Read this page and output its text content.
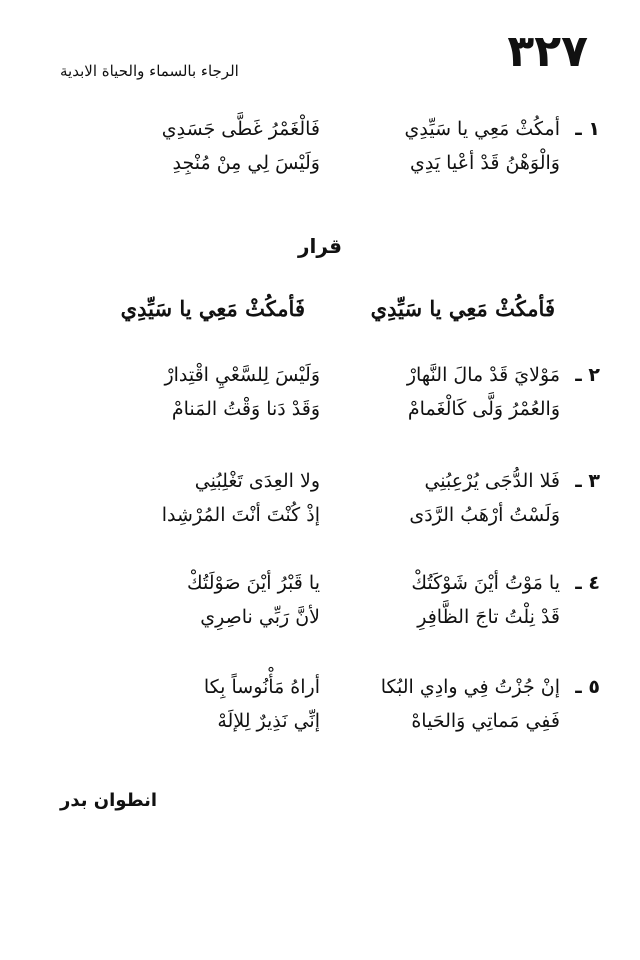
٣٢٧
الرجاء بالسماء والحياة الابدية
١ ـ
أمكُثْ مَعِي يا سَيِّدِي
فَالْغَمْرُ غَطَّى جَسَدِي
وَالْوَهْنُ قَدْ أعْيا يَدِي
وَلَيْسَ لِي مِنْ مُنْجِدِ
قرار
فَأمكُثْ مَعِي يا سَيِّدِي
فَأمكُثْ مَعِي يا سَيِّدِي
٢ ـ
مَوْلايَ قَدْ مالَ النَّهارْ
وَلَيْسَ لِلسَّعْيِ اقْتِدارْ
وَالعُمْرُ وَلَّى كَالْغَمامْ
وَقَدْ دَنا وَقْتُ المَنامْ
٣ ـ
فَلا الدُّجَى يُرْعِبُنِي
ولا العِدَى تَغْلِبُنِي
وَلَسْتُ أرْهَبُ الرَّدَى
إذْ كُنْتَ أنْتَ المُرْشِدا
٤ ـ
يا مَوْتُ أيْنَ شَوْكَتُكْ
يا قَبْرُ أيْنَ صَوْلَتُكْ
قَدْ نِلْتُ تاجَ الظَّافِرِ
لأنَّ رَبِّي ناصِرِي
٥ ـ
إنْ جُزْتُ فِي وادِي البُكا
أراهُ مَأْنُوساً بِكا
فَفِي مَماتِي وَالحَياهْ
إنِّي نَذِيرٌ لِلإلَهْ
انطوان بدر
